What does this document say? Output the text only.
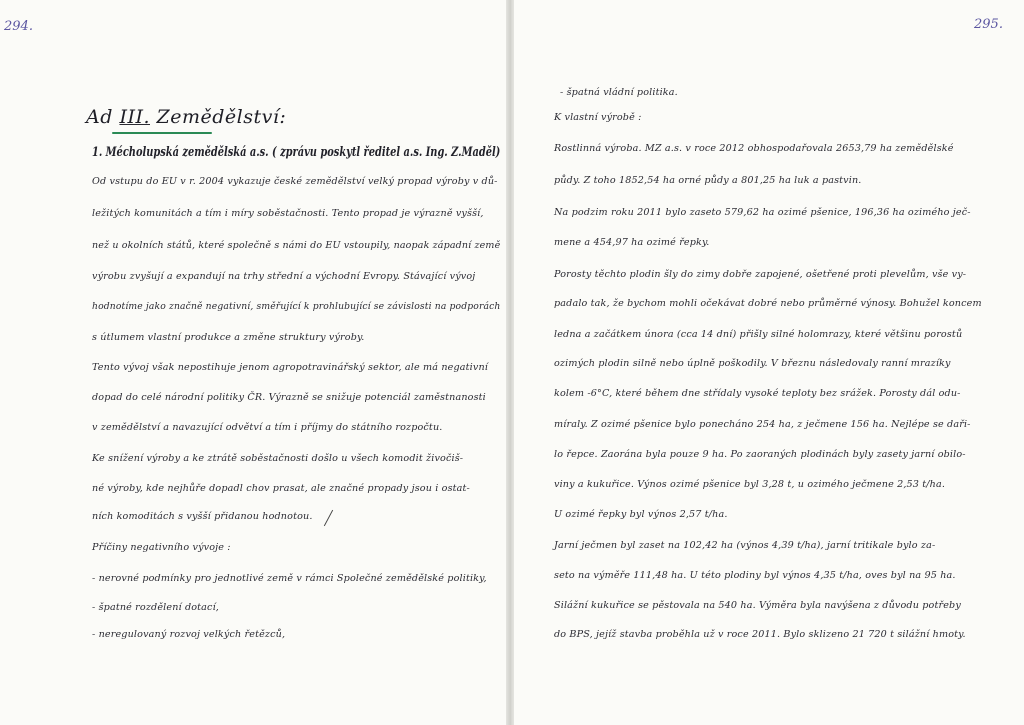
294.
Ad III. Zemědělství:
1. Mécholupská zemědělská a.s. ( zprávu poskytl ředitel a.s. Ing. Z.Maděl)
Od vstupu do EU v r. 2004 vykazuje české zemědělství velký propad výroby v dů-
ležitých komunitách a tím i míry soběstačnosti. Tento propad je výrazně vyšší,
než u okolních států, které společně s námi do EU vstoupily, naopak západní země
výrobu zvyšují a expandují na trhy střední a východní Evropy. Stávající vývoj
hodnotíme jako značně negativní, směřující k prohlubující se závislosti na podporách
s útlumem vlastní produkce a změne struktury výroby.
Tento vývoj však nepostihuje jenom agropotravinářský sektor, ale má negativní
dopad do celé národní politiky ČR. Výrazně se snižuje potenciál zaměstnanosti
v zemědělství a navazující odvětví a tím i příjmy do státního rozpočtu.
Ke snížení výroby a ke ztrátě soběstačnosti došlo u všech komodit živočiš-
né výroby, kde nejhůře dopadl chov prasat, ale značné propady jsou i ostat-
ních komoditách s vyšší přidanou hodnotou.
Příčiny negativního vývoje :
- nerovné podmínky pro jednotlivé země v rámci Společné zemědělské politiky,
- špatné rozdělení dotací,
- neregulovaný rozvoj velkých řetězců,
295.
- špatná vládní politika.
K vlastní výrobě :
Rostlinná výroba. MZ a.s. v roce 2012 obhospodařovala 2653,79 ha zemědělské
půdy. Z toho 1852,54 ha orné půdy a 801,25 ha luk a pastvin.
Na podzim roku 2011 bylo zaseto 579,62 ha ozimé pšenice, 196,36 ha ozimého ječ-
mene a 454,97 ha ozimé řepky.
Porosty těchto plodin šly do zimy dobře zapojené, ošetřené proti plevelům, vše vy-
padalo tak, že bychom mohli očekávat dobré nebo průměrné výnosy. Bohužel koncem
ledna a začátkem února (cca 14 dní) přišly silné holomrazy, které většinu porostů
ozimých plodin silně nebo úplně poškodily. V březnu následovaly ranní mrazíky
kolem -6°C, které během dne střídaly vysoké teploty bez srážek. Porosty dál odu-
míraly. Z ozimé pšenice bylo ponecháno 254 ha, z ječmene 156 ha. Nejlépe se daři-
lo řepce. Zaorána byla pouze 9 ha. Po zaoraných plodinách byly zasety jarní obilo-
viny a kukuřice. Výnos ozimé pšenice byl 3,28 t, u ozimého ječmene 2,53 t/ha.
U ozimé řepky byl výnos 2,57 t/ha.
Jarní ječmen byl zaset na 102,42 ha (výnos 4,39 t/ha), jarní tritikale bylo za-
seto na výměře 111,48 ha. U této plodiny byl výnos 4,35 t/ha, oves byl na 95 ha.
Silážní kukuřice se pěstovala na 540 ha. Výměra byla navýšena z důvodu potřeby
do BPS, jejíž stavba proběhla už v roce 2011. Bylo sklizeno 21 720 t silážní hmoty.
